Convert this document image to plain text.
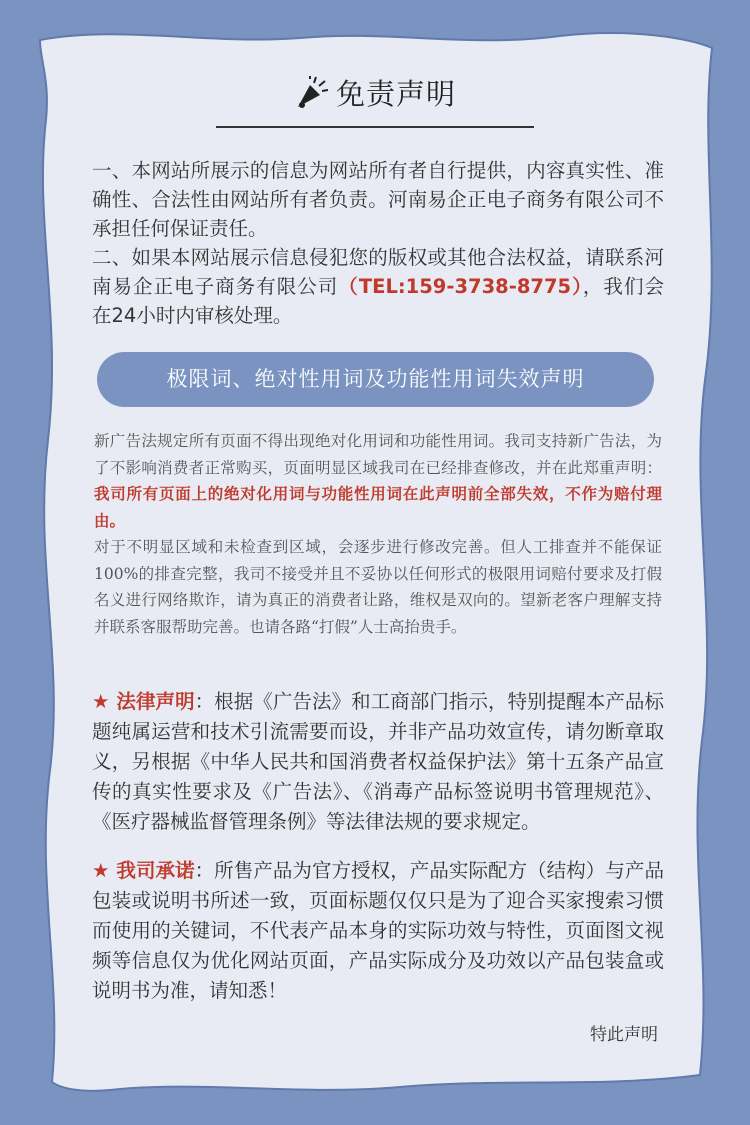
免责声明
一、本网站所展示的信息为网站所有者自行提供，内容真实性、准确性、合法性由网站所有者负责。河南易企正电子商务有限公司不承担任何保证责任。
二、如果本网站展示信息侵犯您的版权或其他合法权益，请联系河南易企正电子商务有限公司（TEL:159-3738-8775），我们会在24小时内审核处理。
极限词、绝对性用词及功能性用词失效声明
新广告法规定所有页面不得出现绝对化用词和功能性用词。我司支持新广告法，为了不影响消费者正常购买，页面明显区域我司在已经排查修改，并在此郑重声明：我司所有页面上的绝对化用词与功能性用词在此声明前全部失效，不作为赔付理由。
对于不明显区域和未检查到区域，会逐步进行修改完善。但人工排查并不能保证100%的排查完整，我司不接受并且不妥协以任何形式的极限用词赔付要求及打假名义进行网络欺诈，请为真正的消费者让路，维权是双向的。望新老客户理解支持并联系客服帮助完善。也请各路“打假”人士高抬贵手。
★ 法律声明：根据《广告法》和工商部门指示，特别提醒本产品标题纯属运营和技术引流需要而设，并非产品功效宣传，请勿断章取义，另根据《中华人民共和国消费者权益保护法》第十五条产品宣传的真实性要求及《广告法》、《消毒产品标签说明书管理规范》、《医疗器械监督管理条例》等法律法规的要求规定。
★ 我司承诺：所售产品为官方授权，产品实际配方（结构）与产品包装或说明书所述一致，页面标题仅仅只是为了迎合买家搜索习惯而使用的关键词，不代表产品本身的实际功效与特性，页面图文视频等信息仅为优化网站页面，产品实际成分及功效以产品包装盒或说明书为准，请知悉！
特此声明
